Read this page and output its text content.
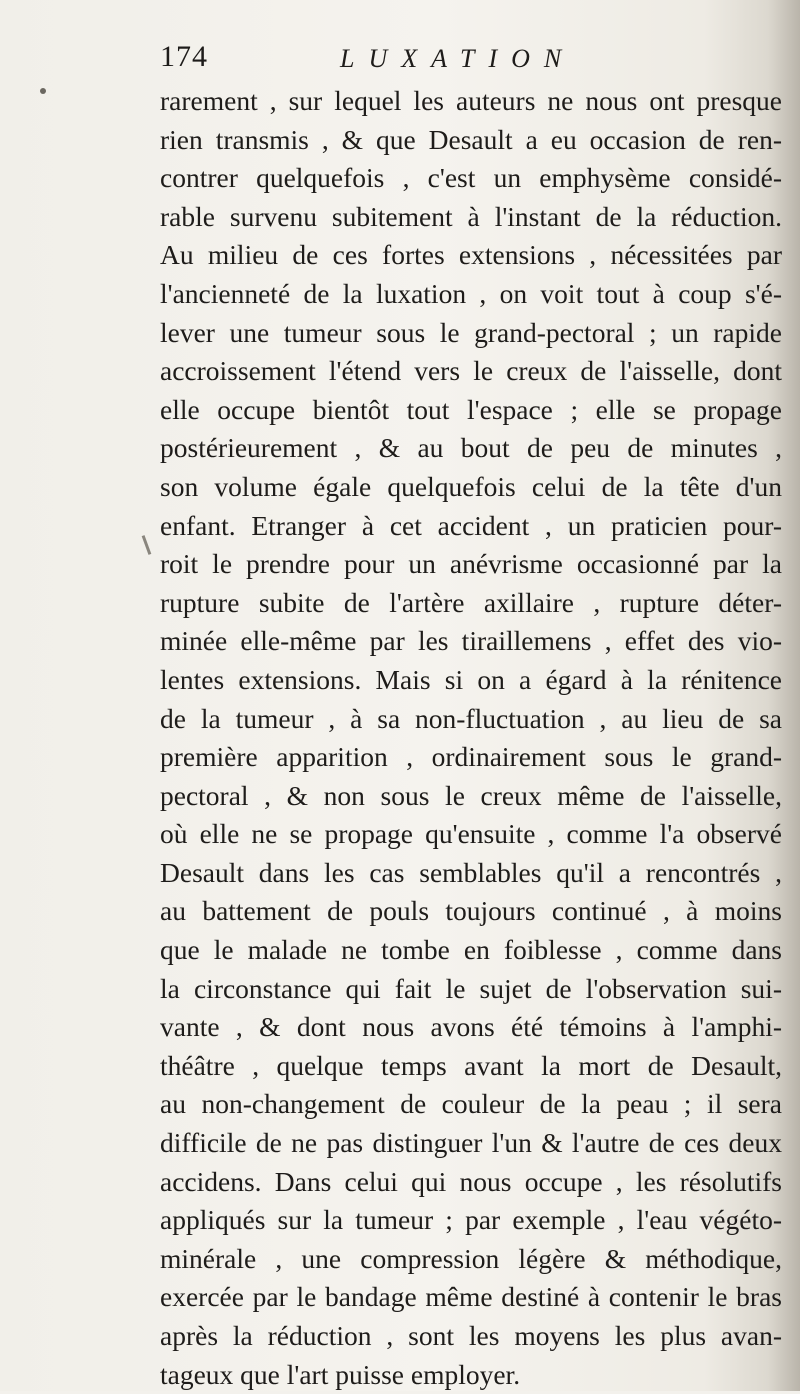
174	LUXATION
rarement , sur lequel les auteurs ne nous ont presque
rien transmis , & que Desault a eu occasion de ren-
contrer quelquefois , c'est un emphysème considé-
rable survenu subitement à l'instant de la réduction.
Au milieu de ces fortes extensions , nécessitées par
l'ancienneté de la luxation , on voit tout à coup s'é-
lever une tumeur sous le grand-pectoral ; un rapide
accroissement l'étend vers le creux de l'aisselle, dont
elle occupe bientôt tout l'espace ; elle se propage
postérieurement , & au bout de peu de minutes ,
son volume égale quelquefois celui de la tête d'un
enfant. Etranger à cet accident , un praticien pour-
roit le prendre pour un anévrisme occasionné par la
rupture subite de l'artère axillaire , rupture déter-
minée elle-même par les tiraillemens , effet des vio-
lentes extensions. Mais si on a égard à la rénitence
de la tumeur , à sa non-fluctuation , au lieu de sa
première apparition , ordinairement sous le grand-
pectoral , & non sous le creux même de l'aisselle,
où elle ne se propage qu'ensuite , comme l'a observé
Desault dans les cas semblables qu'il a rencontrés ,
au battement de pouls toujours continué , à moins
que le malade ne tombe en foiblesse , comme dans
la circonstance qui fait le sujet de l'observation sui-
vante , & dont nous avons été témoins à l'amphi-
théâtre , quelque temps avant la mort de Desault,
au non-changement de couleur de la peau ; il sera
difficile de ne pas distinguer l'un & l'autre de ces deux
accidens. Dans celui qui nous occupe , les résolutifs
appliqués sur la tumeur ; par exemple , l'eau végéto-
minérale , une compression légère & méthodique,
exercée par le bandage même destiné à contenir le bras
après la réduction , sont les moyens les plus avan-
tageux que l'art puisse employer.
